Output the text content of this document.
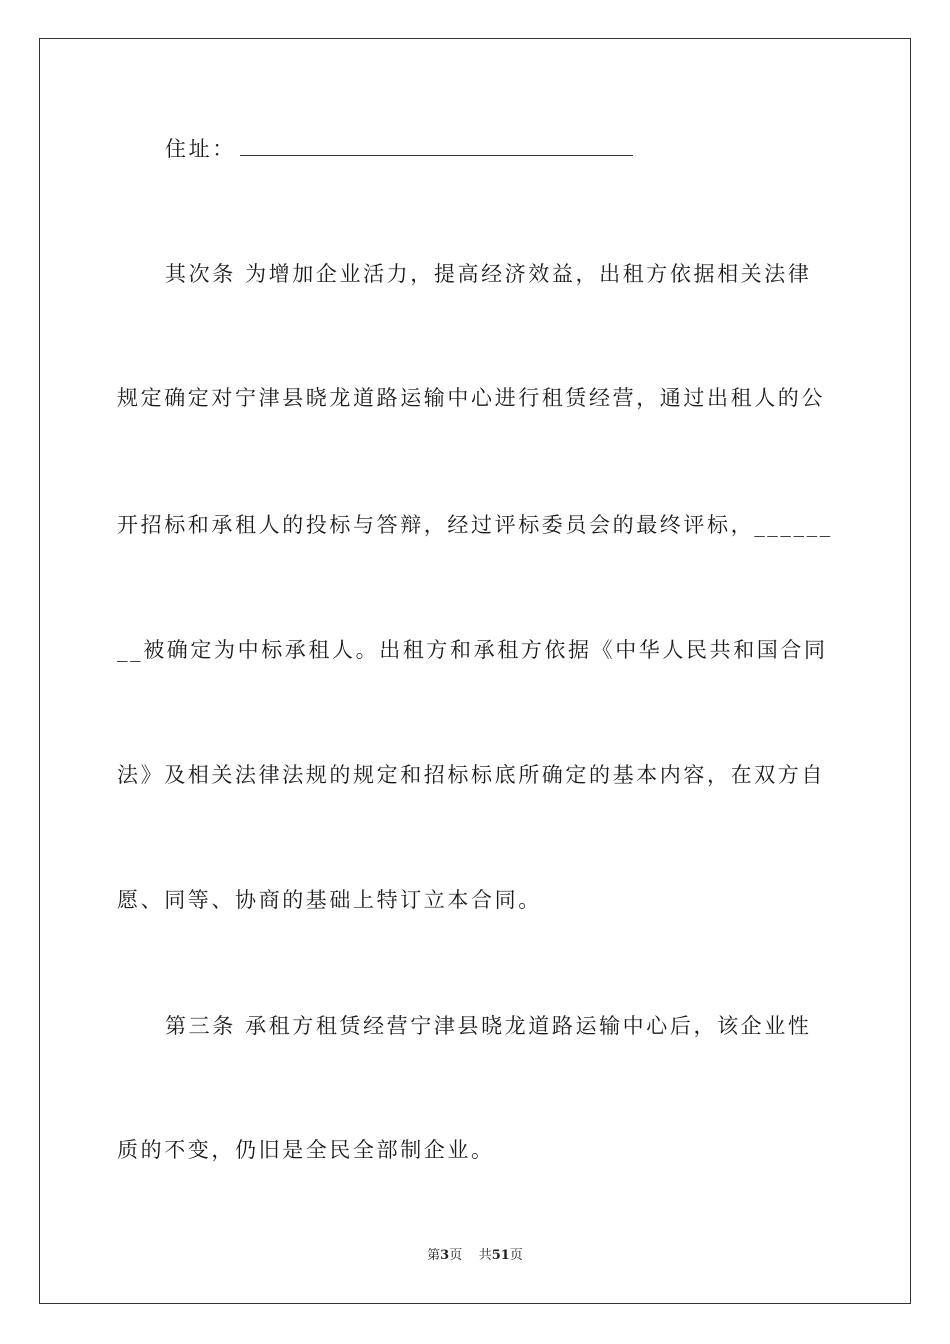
住址：
其次条 为增加企业活力，提高经济效益，出租方依据相关法律
规定确定对宁津县晓龙道路运输中心进行租赁经营，通过出租人的公
开招标和承租人的投标与答辩，经过评标委员会的最终评标，______
__被确定为中标承租人。出租方和承租方依据《中华人民共和国合同
法》及相关法律法规的规定和招标标底所确定的基本内容，在双方自
愿、同等、协商的基础上特订立本合同。
第三条 承租方租赁经营宁津县晓龙道路运输中心后，该企业性
质的不变，仍旧是全民全部制企业。
第3页 共51页
